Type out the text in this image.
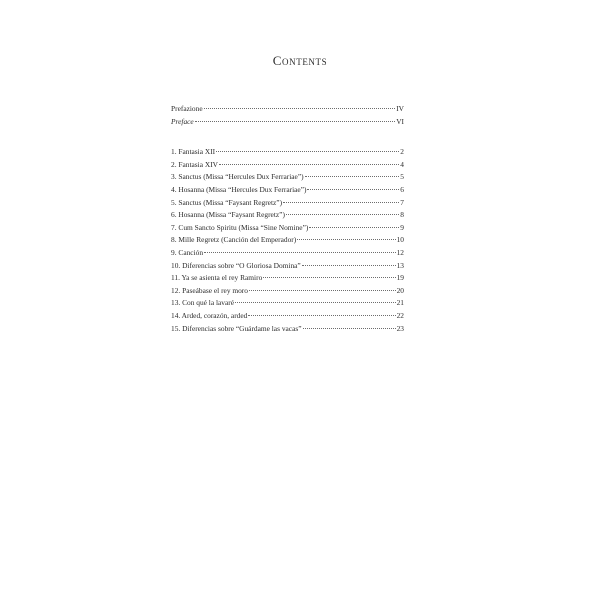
Contents
Prefazione	IV
Preface	VI
1. Fantasia XII	2
2. Fantasia XIV	4
3. Sanctus (Missa “Hercules Dux Ferrariae”)	5
4. Hosanna (Missa “Hercules Dux Ferrariae”)	6
5. Sanctus (Missa “Faysant Regretz”)	7
6. Hosanna (Missa “Faysant Regretz”)	8
7. Cum Sancto Spiritu (Missa “Sine Nomine”)	9
8. Mille Regretz (Canción del Emperador)	10
9. Canción	12
10. Diferencias sobre “O Gloriosa Domina”	13
11. Ya se asienta el rey Ramiro	19
12. Paseábase el rey moro	20
13. Con qué la lavaré	21
14. Arded, corazón, arded	22
15. Diferencias sobre “Guárdame las vacas”	23
